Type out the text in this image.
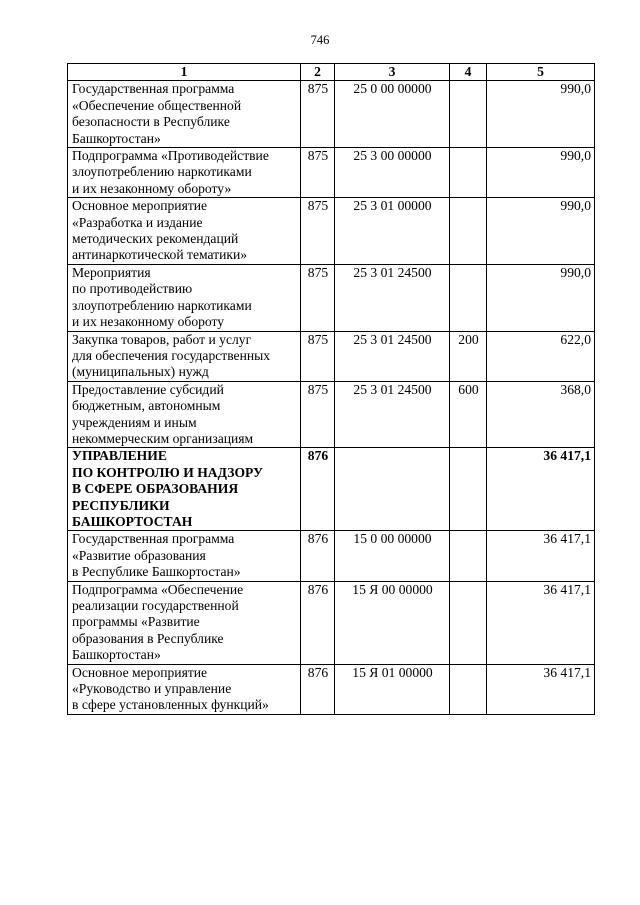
746
1	2	3	4	5

Государственная программа
«Обеспечение общественной
безопасности в Республике
Башкортостан»	875	25 0 00 00000		990,0

Подпрограмма «Противодействие
злоупотреблению наркотиками
и их незаконному обороту»	875	25 3 00 00000		990,0

Основное мероприятие
«Разработка и издание
методических рекомендаций
антинаркотической тематики»	875	25 3 01 00000		990,0

Мероприятия
по противодействию
злоупотреблению наркотиками
и их незаконному обороту	875	25 3 01 24500		990,0

Закупка товаров, работ и услуг
для обеспечения государственных
(муниципальных) нужд	875	25 3 01 24500	200	622,0

Предоставление субсидий
бюджетным, автономным
учреждениям и иным
некоммерческим организациям	875	25 3 01 24500	600	368,0

УПРАВЛЕНИЕ
ПО КОНТРОЛЮ И НАДЗОРУ
В СФЕРЕ ОБРАЗОВАНИЯ
РЕСПУБЛИКИ
БАШКОРТОСТАН	876			36 417,1

Государственная программа
«Развитие образования
в Республике Башкортостан»	876	15 0 00 00000		36 417,1

Подпрограмма «Обеспечение
реализации государственной
программы «Развитие
образования в Республике
Башкортостан»	876	15 Я 00 00000		36 417,1

Основное мероприятие
«Руководство и управление
в сфере установленных функций»	876	15 Я 01 00000		36 417,1
